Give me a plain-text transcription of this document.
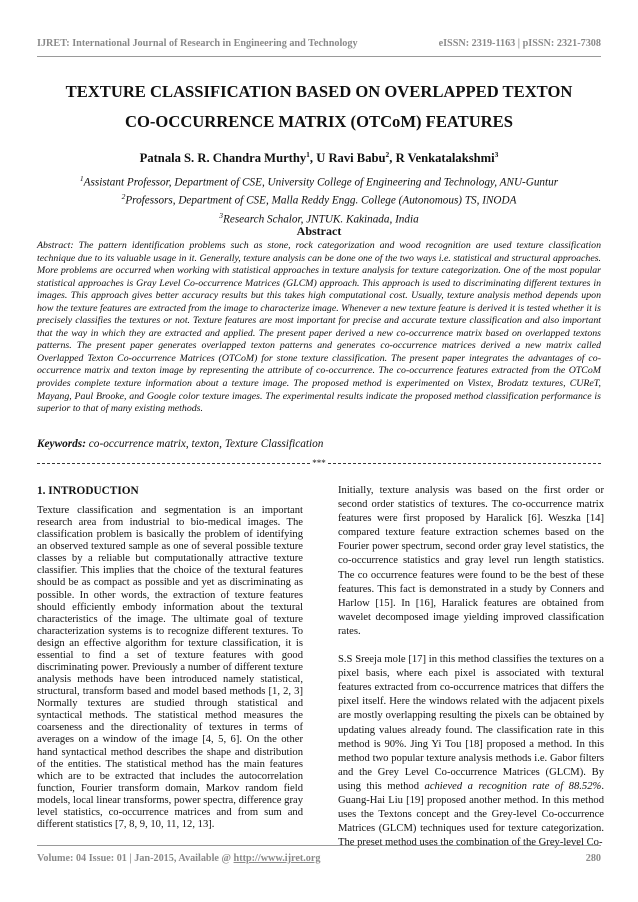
IJRET: International Journal of Research in Engineering and Technology	eISSN: 2319-1163 | pISSN: 2321-7308
TEXTURE CLASSIFICATION BASED ON OVERLAPPED TEXTON
CO-OCCURRENCE MATRIX (OTCoM) FEATURES
Patnala S. R. Chandra Murthy$^1$, U Ravi Babu$^2$, R Venkatalakshmi$^3$
$^1$Assistant Professor, Department of CSE, University College of Engineering and Technology, ANU-Guntur
$^2$Professors, Department of CSE, Malla Reddy Engg. College (Autonomous) TS, INODA
$^3$Research Schalor, JNTUK. Kakinada, India
Abstract

Abstract: The pattern identification problems such as stone, rock categorization and wood recognition are used texture classification technique due to its valuable usage in it. Generally, texture analysis can be done one of the two ways i.e. statistical and structural approaches. More problems are occurred when working with statistical approaches in texture analysis for texture categorization. One of the most popular statistical approaches is Gray Level Co-occurrence Matrices (GLCM) approach. This approach is used to discriminating different textures in images. This approach gives better accuracy results but this takes high computational cost. Usually, texture analysis method depends upon how the texture features are extracted from the image to characterize image. Whenever a new texture feature is derived it is tested whether it is precisely classifies the textures or not. Texture features are most important for precise and accurate texture classification and also important that the way in which they are extracted and applied. The present paper derived a new co-occurrence matrix based on overlapped textons patterns. The present paper generates overlapped texton patterns and generates co-occurrence matrices derived a new matrix called Overlapped Texton Co-occurrence Matrices (OTCoM) for stone texture classification. The present paper integrates the advantages of co-occurrence matrix and texton image by representing the attribute of co-occurrence. The co-occurrence features extracted from the OTCoM provides complete texture information about a texture image. The proposed method is experimented on Vistex, Brodatz textures, CUReT, Mayang, Paul Brooke, and Google color texture images. The experimental results indicate the proposed method classification performance is superior to that of many existing methods.

Keywords: co-occurrence matrix, texton, Texture Classification
***
1. INTRODUCTION

Texture classification and segmentation is an important research area from industrial to bio-medical images. The classification problem is basically the problem of identifying an observed textured sample as one of several possible texture classes by a reliable but computationally attractive texture classifier. This implies that the choice of the textural features should be as compact as possible and yet as discriminating as possible. In other words, the extraction of texture features should efficiently embody information about the textural characteristics of the image. The ultimate goal of texture characterization systems is to recognize different textures. To design an effective algorithm for texture classification, it is essential to find a set of texture features with good discriminating power. Previously a number of different texture analysis methods have been introduced namely statistical, structural, transform based and model based methods [1, 2, 3] Normally textures are studied through statistical and syntactical methods. The statistical method measures the coarseness and the directionality of textures in terms of averages on a window of the image [4, 5, 6]. On the other hand syntactical method describes the shape and distribution of the entities. The statistical method has the main features which are to be extracted that includes the autocorrelation function, Fourier transform domain, Markov random field models, local linear transforms, power spectra, difference gray level statistics, co-occurrence matrices and from sum and different statistics [7, 8, 9, 10, 11, 12, 13].

Initially, texture analysis was based on the first order or second order statistics of textures. The co-occurrence matrix features were first proposed by Haralick [6]. Weszka [14] compared texture feature extraction schemes based on the Fourier power spectrum, second order gray level statistics, the co-occurrence statistics and gray level run length statistics. The co occurrence features were found to be the best of these features. This fact is demonstrated in a study by Conners and Harlow [15]. In [16], Haralick features are obtained from wavelet decomposed image yielding improved classification rates.

S.S Sreeja mole [17] in this method classifies the textures on a pixel basis, where each pixel is associated with textural features extracted from co-occurrence matrices that differs the pixel itself. Here the windows related with the adjacent pixels are mostly overlapping resulting the pixels can be obtained by updating values already found. The classification rate in this method is 90%. Jing Yi Tou [18] proposed a method. In this method two popular texture analysis methods i.e. Gabor filters and the Grey Level Co-occurrence Matrices (GLCM). By using this method achieved a recognition rate of 88.52%. Guang-Hai Liu [19] proposed another method. In this method uses the Textons concept and the Grey-level Co-occurrence Matrices (GLCM) techniques used for texture categorization. The preset method uses the combination of the Grey-level Co-

Volume: 04 Issue: 01 | Jan-2015, Available @ http://www.ijret.org	280
